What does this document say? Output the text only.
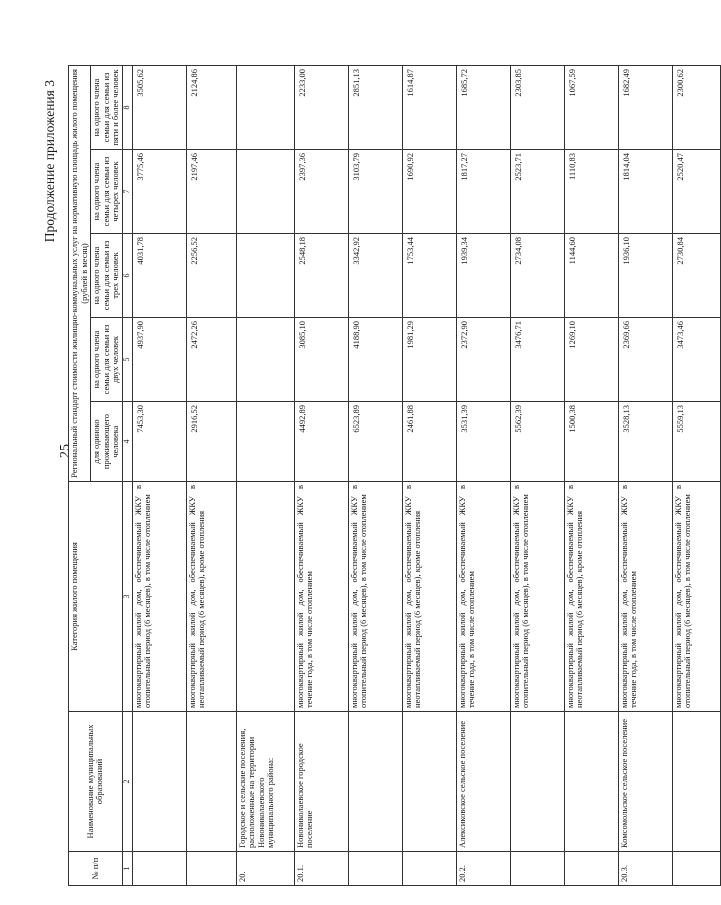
25
Продолжение приложения 3
№ п/п	Наименование муниципальных образований	Категория жилого помещения	Региональный стандарт стоимости жилищно-коммунальных услуг на нормативную площадь жилого помещения (рублей в месяц)				
			для одиноко проживающего человека	на одного члена семьи для семьи из двух человек	на одного члена семьи для семьи из трех человек	на одного члена семьи для семьи из четырех человек	на одного члена семьи для семьи из пяти и более человек
1	2	3	4	5	6	7	8
		многоквартирный жилой дом, обеспечиваемый ЖКУ в отопительный период (6 месяцев), в том числе отоплением	7453,30	4937,90	4031,78	3775,46	3505,62
		многоквартирный жилой дом, обеспечиваемый ЖКУ в неотапливаемый период (6 месяцев), кроме отопления	2916,52	2472,26	2256,52	2197,46	2124,86
20.	Городское и сельские поселения, расположенные на территории Новониколаевского муниципального района:						
20.1.	Новониколаевское городское поселение	многоквартирный жилой дом, обеспечиваемый ЖКУ в течение года, в том числе отоплением	4492,89	3085,10	2548,18	2397,36	2233,00
		многоквартирный жилой дом, обеспечиваемый ЖКУ в отопительный период (6 месяцев), в том числе отоплением	6523,89	4188,90	3342,92	3103,79	2851,13
		многоквартирный жилой дом, обеспечиваемый ЖКУ в неотапливаемый период (6 месяцев), кроме отопления	2461,88	1981,29	1753,44	1690,92	1614,87
20.2.	Алексиковское сельское поселение	многоквартирный жилой дом, обеспечиваемый ЖКУ в течение года, в том числе отоплением	3531,39	2372,90	1939,34	1817,27	1685,72
		многоквартирный жилой дом, обеспечиваемый ЖКУ в отопительный период (6 месяцев), в том числе отоплением	5562,39	3476,71	2734,08	2523,71	2303,85
		многоквартирный жилой дом, обеспечиваемый ЖКУ в неотапливаемый период (6 месяцев), кроме отопления	1500,38	1269,10	1144,60	1110,83	1067,59
20.3.	Комсомольское сельское поселение	многоквартирный жилой дом, обеспечиваемый ЖКУ в течение года, в том числе отоплением	3528,13	2369,66	1936,10	1814,04	1682,49
		многоквартирный жилой дом, обеспечиваемый ЖКУ в отопительный период (6 месяцев), в том числе отоплением	5559,13	3473,46	2730,84	2520,47	2300,62
